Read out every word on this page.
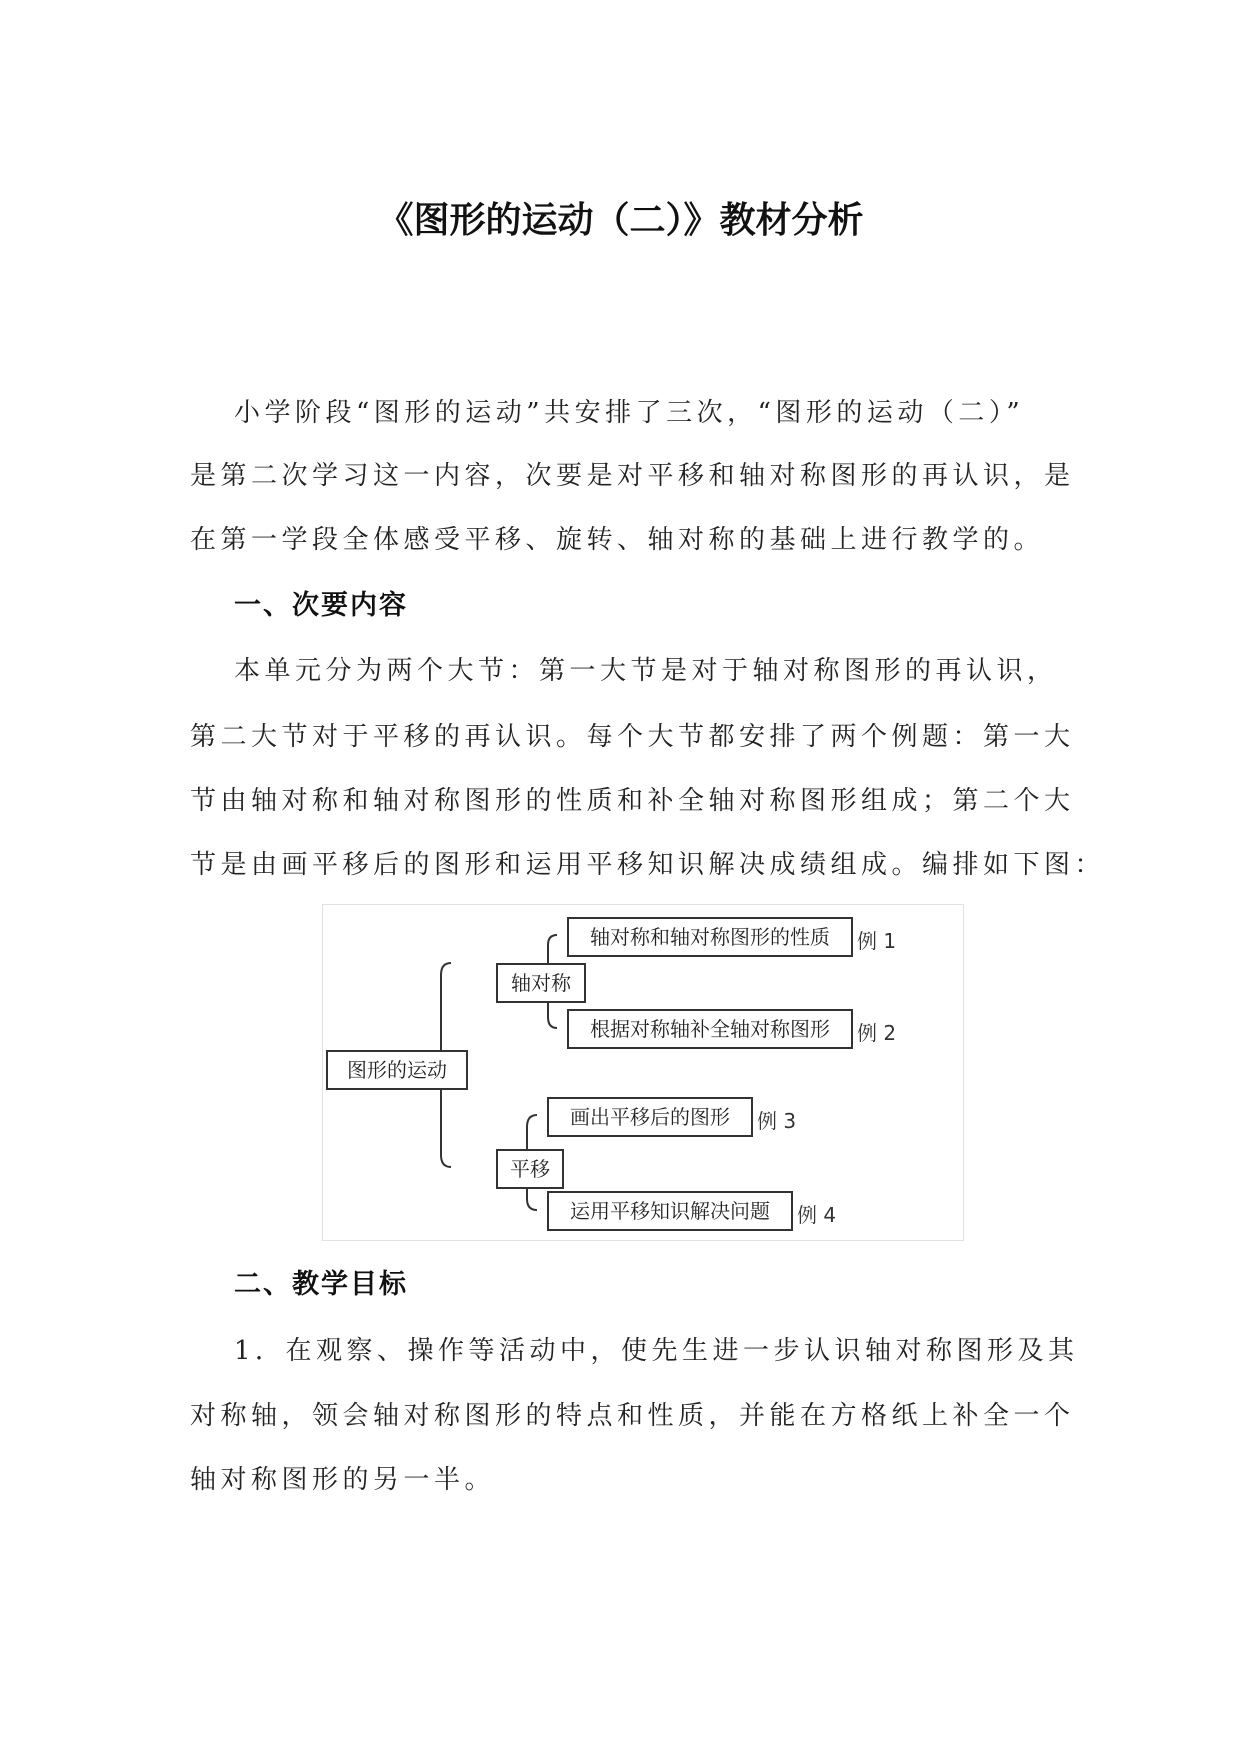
《图形的运动（二）》教材分析
小学阶段“图形的运动”共安排了三次，“图形的运动（二）”
是第二次学习这一内容，次要是对平移和轴对称图形的再认识，是
在第一学段全体感受平移、旋转、轴对称的基础上进行教学的。
一、次要内容
本单元分为两个大节：第一大节是对于轴对称图形的再认识，
第二大节对于平移的再认识。每个大节都安排了两个例题：第一大
节由轴对称和轴对称图形的性质和补全轴对称图形组成；第二个大
节是由画平移后的图形和运用平移知识解决成绩组成。编排如下图：
图形的运动
轴对称
平移
轴对称和轴对称图形的性质	例 1
根据对称轴补全轴对称图形	例 2
画出平移后的图形	例 3
运用平移知识解决问题	例 4
二、教学目标
1．在观察、操作等活动中，使先生进一步认识轴对称图形及其
对称轴，领会轴对称图形的特点和性质，并能在方格纸上补全一个
轴对称图形的另一半。
